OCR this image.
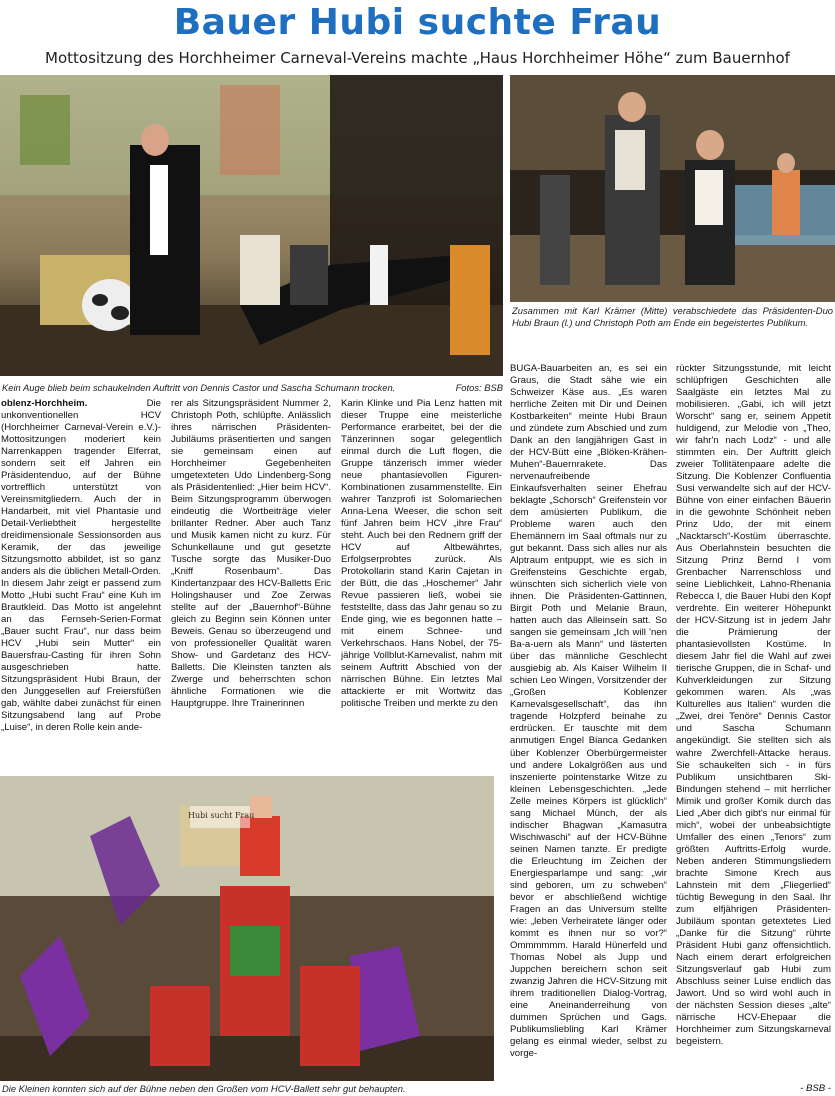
Bauer Hubi suchte Frau
Mottositzung des Horchheimer Carneval-Vereins machte „Haus Horchheimer Höhe“ zum Bauernhof
Kein Auge blieb beim schaukelnden Auftritt von Dennis Castor und Sascha Schumann trocken.	Fotos: BSB
Zusammen mit Karl Krämer (Mitte) verabschiedete das Präsidenten-Duo Hubi Braun (l.) und Christoph Poth am Ende ein begeistertes Publikum.
Hubi sucht Frau
Die Kleinen konnten sich auf der Bühne neben den Großen vom HCV-Ballett sehr gut behaupten.
oblenz-Horchheim.	Die unkonventionellen HCV (Horchheimer Carneval-Verein e.V.)-Mottositzungen moderiert kein Narrenkappen tragender Elferrat, sondern seit elf Jahren ein Präsidentenduo, auf der Bühne vortrefflich unterstützt von Vereinsmitgliedern. Auch der in Handarbeit, mit viel Phantasie und Detail-Verliebtheit hergestellte dreidimensionale Sessionsorden aus Keramik, der das jeweilige Sitzungsmotto abbildet, ist so ganz anders als die üblichen Metall-Orden. In diesem Jahr zeigt er passend zum Motto „Hubi sucht Frau“ eine Kuh im Brautkleid. Das Motto ist angelehnt an das Fernseh-Serien-Format „Bauer sucht Frau“, nur dass beim HCV „Hubi sein Mutter“ ein Bauersfrau-Casting für ihren Sohn ausgeschrieben hatte. Sitzungspräsident Hubi Braun, der den Junggesellen auf Freiersfüßen gab, wählte dabei zunächst für einen Sitzungsabend lang auf Probe „Luise“, in deren Rolle kein ande-
rer als Sitzungspräsident Nummer 2, Christoph Poth, schlüpfte. Anlässlich ihres närrischen Präsidenten-Jubiläums präsentierten und sangen sie gemeinsam einen auf Horchheimer Gegebenheiten umgetexteten Udo Lindenberg-Song als Präsidentenlied: „Hier beim HCV“. Beim Sitzungsprogramm überwogen eindeutig die Wortbeiträge vieler brillanter Redner. Aber auch Tanz und Musik kamen nicht zu kurz. Für Schunkellaune und gut gesetzte Tusche sorgte das Musiker-Duo „Kniff Rosenbaum“. Das Kindertanzpaar des HCV-Balletts Eric Holingshauser und Zoe Zerwas stellte auf der „Bauernhof“-Bühne gleich zu Beginn sein Können unter Beweis. Genau so überzeugend und von professioneller Qualität waren Show- und Gardetanz des HCV-Balletts. Die Kleinsten tanzten als Zwerge und beherrschten schon ähnliche Formationen wie die Hauptgruppe. Ihre Trainerinnen
Karin Klinke und Pia Lenz hatten mit dieser Truppe eine meisterliche Performance erarbeitet, bei der die Tänzerinnen sogar gelegentlich einmal durch die Luft flogen, die Gruppe tänzerisch immer wieder neue phantasievollen Figuren-Kombinationen zusammenstellte. Ein wahrer Tanzprofi ist Solomariechen Anna-Lena Weeser, die schon seit fünf Jahren beim HCV „ihre Frau“ steht. Auch bei den Rednern griff der HCV auf Altbewährtes, Erfolgserprobtes zurück. Als Protokollarin stand Karin Cajetan in der Bütt, die das „Hoschemer“ Jahr Revue passieren ließ, wobei sie feststellte, dass das Jahr genau so zu Ende ging, wie es begonnen hatte – mit einem Schnee- und Verkehrschaos. Hans Nobel, der 75-jährige Vollblut-Karnevalist, nahm mit seinem Auftritt Abschied von der närrischen Bühne. Ein letztes Mal attackierte er mit Wortwitz das politische Treiben und merkte zu den
BUGA-Bauarbeiten an, es sei ein Graus, die Stadt sähe wie ein Schweizer Käse aus. „Es waren herrliche Zeiten mit Dir und Deinen Kostbarkeiten“ meinte Hubi Braun und zündete zum Abschied und zum Dank an den langjährigen Gast in der HCV-Bütt eine „Blöken-Krähen-Muhen“-Bauernrakete. Das nervenaufreibende Einkaufsverhalten seiner Ehefrau beklagte „Schorsch“ Greifenstein vor dem amüsierten Publikum, die Probleme waren auch den Ehemännern im Saal oftmals nur zu gut bekannt. Dass sich alles nur als Alptraum entpuppt, wie es sich in Greifensteins Geschichte ergab, wünschten sich sicherlich viele von ihnen. Die Präsidenten-Gattinnen, Birgit Poth und Melanie Braun, hatten auch das Alleinsein satt. So sangen sie gemeinsam „Ich will 'nen Ba-a-uern als Mann“ und lästerten über das männliche Geschlecht ausgiebig ab. Als Kaiser Wilhelm II schien Leo Wingen, Vorsitzender der „Großen Koblenzer Karnevalsgesellschaft“, das ihn tragende Holzpferd beinahe zu erdrücken. Er tauschte mit dem anmutigen Engel Bianca Gedanken über Koblenzer Oberbürgermeister und andere Lokalgrößen aus und inszenierte pointenstarke Witze zu kleinen Lebensgeschichten. „Jede Zelle meines Körpers ist glücklich“ sang Michael Münch, der als indischer Bhagwan „Kamasutra Wischiwaschi“ auf der HCV-Bühne seinen Namen tanzte. Er predigte die Erleuchtung im Zeichen der Energiesparlampe und sang: „wir sind geboren, um zu schweben“ bevor er abschließend wichtige Fragen an das Universum stellte wie: „leben Verheiratete länger oder kommt es ihnen nur so vor?“ Ommmmmm. Harald Hünerfeld und Thomas Nobel als Jupp und Juppchen bereichern schon seit zwanzig Jahren die HCV-Sitzung mit ihrem traditionellen Dialog-Vortrag, eine Aneinanderreihung von dummen Sprüchen und Gags. Publikumsliebling Karl Krämer gelang es einmal wieder, selbst zu vorge-
rückter Sitzungsstunde, mit leicht schlüpfrigen Geschichten alle Saalgäste ein letztes Mal zu mobilisieren. „Gabi, ich will jetzt Worscht“ sang er, seinem Appetit huldigend, zur Melodie von „Theo, wir fahr'n nach Lodz“ - und alle stimmten ein. Der Auftritt gleich zweier Tollitätenpaare adelte die Sitzung. Die Koblenzer Confluentia Susi verwandelte sich auf der HCV-Bühne von einer einfachen Bäuerin in die gewohnte Schönheit neben Prinz Udo, der mit einem „Nacktarsch“-Kostüm überraschte. Aus Oberlahnstein besuchten die Sitzung Prinz Bernd I vom Grenbacher Narrenschloss und seine Lieblichkeit, Lahno-Rhenania Rebecca I, die Bauer Hubi den Kopf verdrehte. Ein weiterer Höhepunkt der HCV-Sitzung ist in jedem Jahr die Prämierung der phantasievollsten Kostüme. In diesem Jahr fiel die Wahl auf zwei tierische Gruppen, die in Schaf- und Kuhverkleidungen zur Sitzung gekommen waren. Als „was Kulturelles aus Italien“ wurden die „Zwei, drei Tenöre“ Dennis Castor und Sascha Schumann angekündigt. Sie stellten sich als wahre Zwerchfell-Attacke heraus. Sie schaukelten sich - in fürs Publikum unsichtbaren Ski-Bindungen stehend – mit herrlicher Mimik und großer Komik durch das Lied „Aber dich gibt's nur einmal für mich“, wobei der unbeabsichtigte Umfaller des einen „Tenors“ zum größten Auftritts-Erfolg wurde. Neben anderen Stimmungsliedern brachte Simone Krech aus Lahnstein mit dem „Fliegerlied“ tüchtig Bewegung in den Saal. Ihr zum elfjährigen Präsidenten-Jubiläum spontan getextetes Lied „Danke für die Sitzung“ rührte Präsident Hubi ganz offensichtlich. Nach einem derart erfolgreichen Sitzungsverlauf gab Hubi zum Abschluss seiner Luise endlich das Jawort. Und so wird wohl auch in der nächsten Session dieses „alte“ närrische HCV-Ehepaar die Horchheimer zum Sitzungskarneval begeistern.
- BSB -
